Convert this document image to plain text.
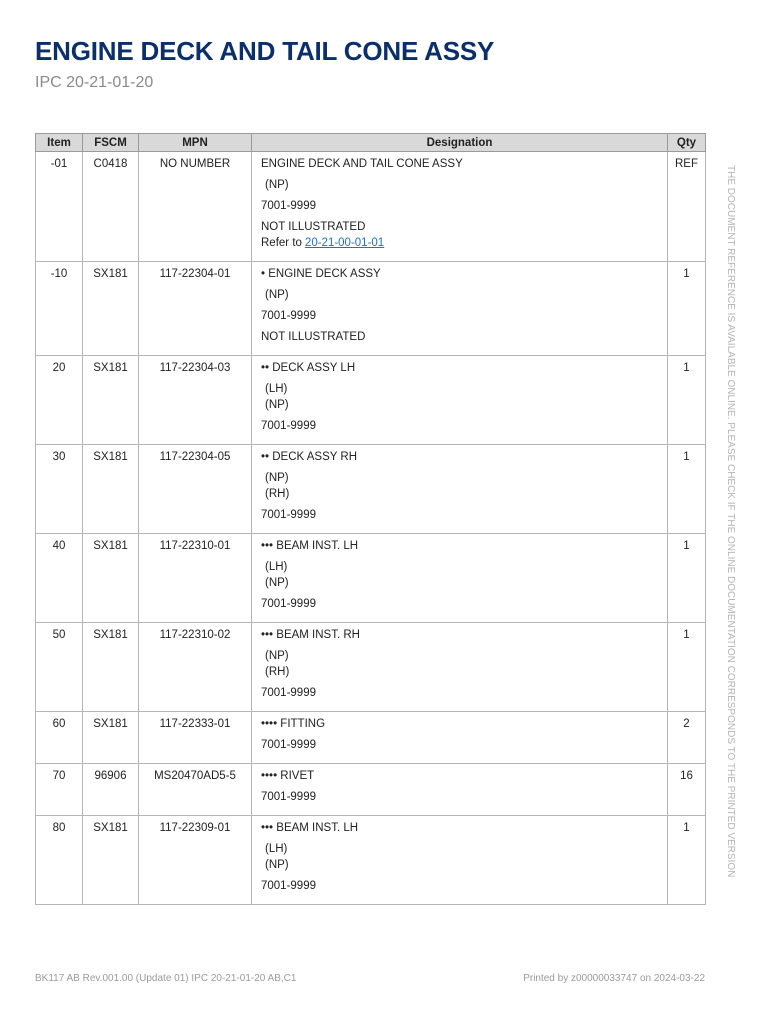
ENGINE DECK AND TAIL CONE ASSY
IPC 20-21-01-20
Item	FSCM	MPN	Designation	Qty
-01	C0418	NO NUMBER	ENGINE DECK AND TAIL CONE ASSY
(NP)
7001-9999
NOT ILLUSTRATED
Refer to 20-21-00-01-01	REF
-10	SX181	117-22304-01	• ENGINE DECK ASSY
(NP)
7001-9999
NOT ILLUSTRATED	1
20	SX181	117-22304-03	•• DECK ASSY LH
(LH)
(NP)
7001-9999	1
30	SX181	117-22304-05	•• DECK ASSY RH
(NP)
(RH)
7001-9999	1
40	SX181	117-22310-01	••• BEAM INST. LH
(LH)
(NP)
7001-9999	1
50	SX181	117-22310-02	••• BEAM INST. RH
(NP)
(RH)
7001-9999	1
60	SX181	117-22333-01	•••• FITTING
7001-9999	2
70	96906	MS20470AD5-5	•••• RIVET
7001-9999	16
80	SX181	117-22309-01	••• BEAM INST. LH
(LH)
(NP)
7001-9999	1	THE DOCUMENT REFERENCE IS AVAILABLE ONLINE. PLEASE CHECK IF THE ONLINE DOCUMENTATION CORRESPONDS TO THE PRINTED VERSION
BK117 AB Rev.001.00 (Update 01) IPC 20-21-01-20 AB,C1	Printed by z00000033747 on 2024-03-22
